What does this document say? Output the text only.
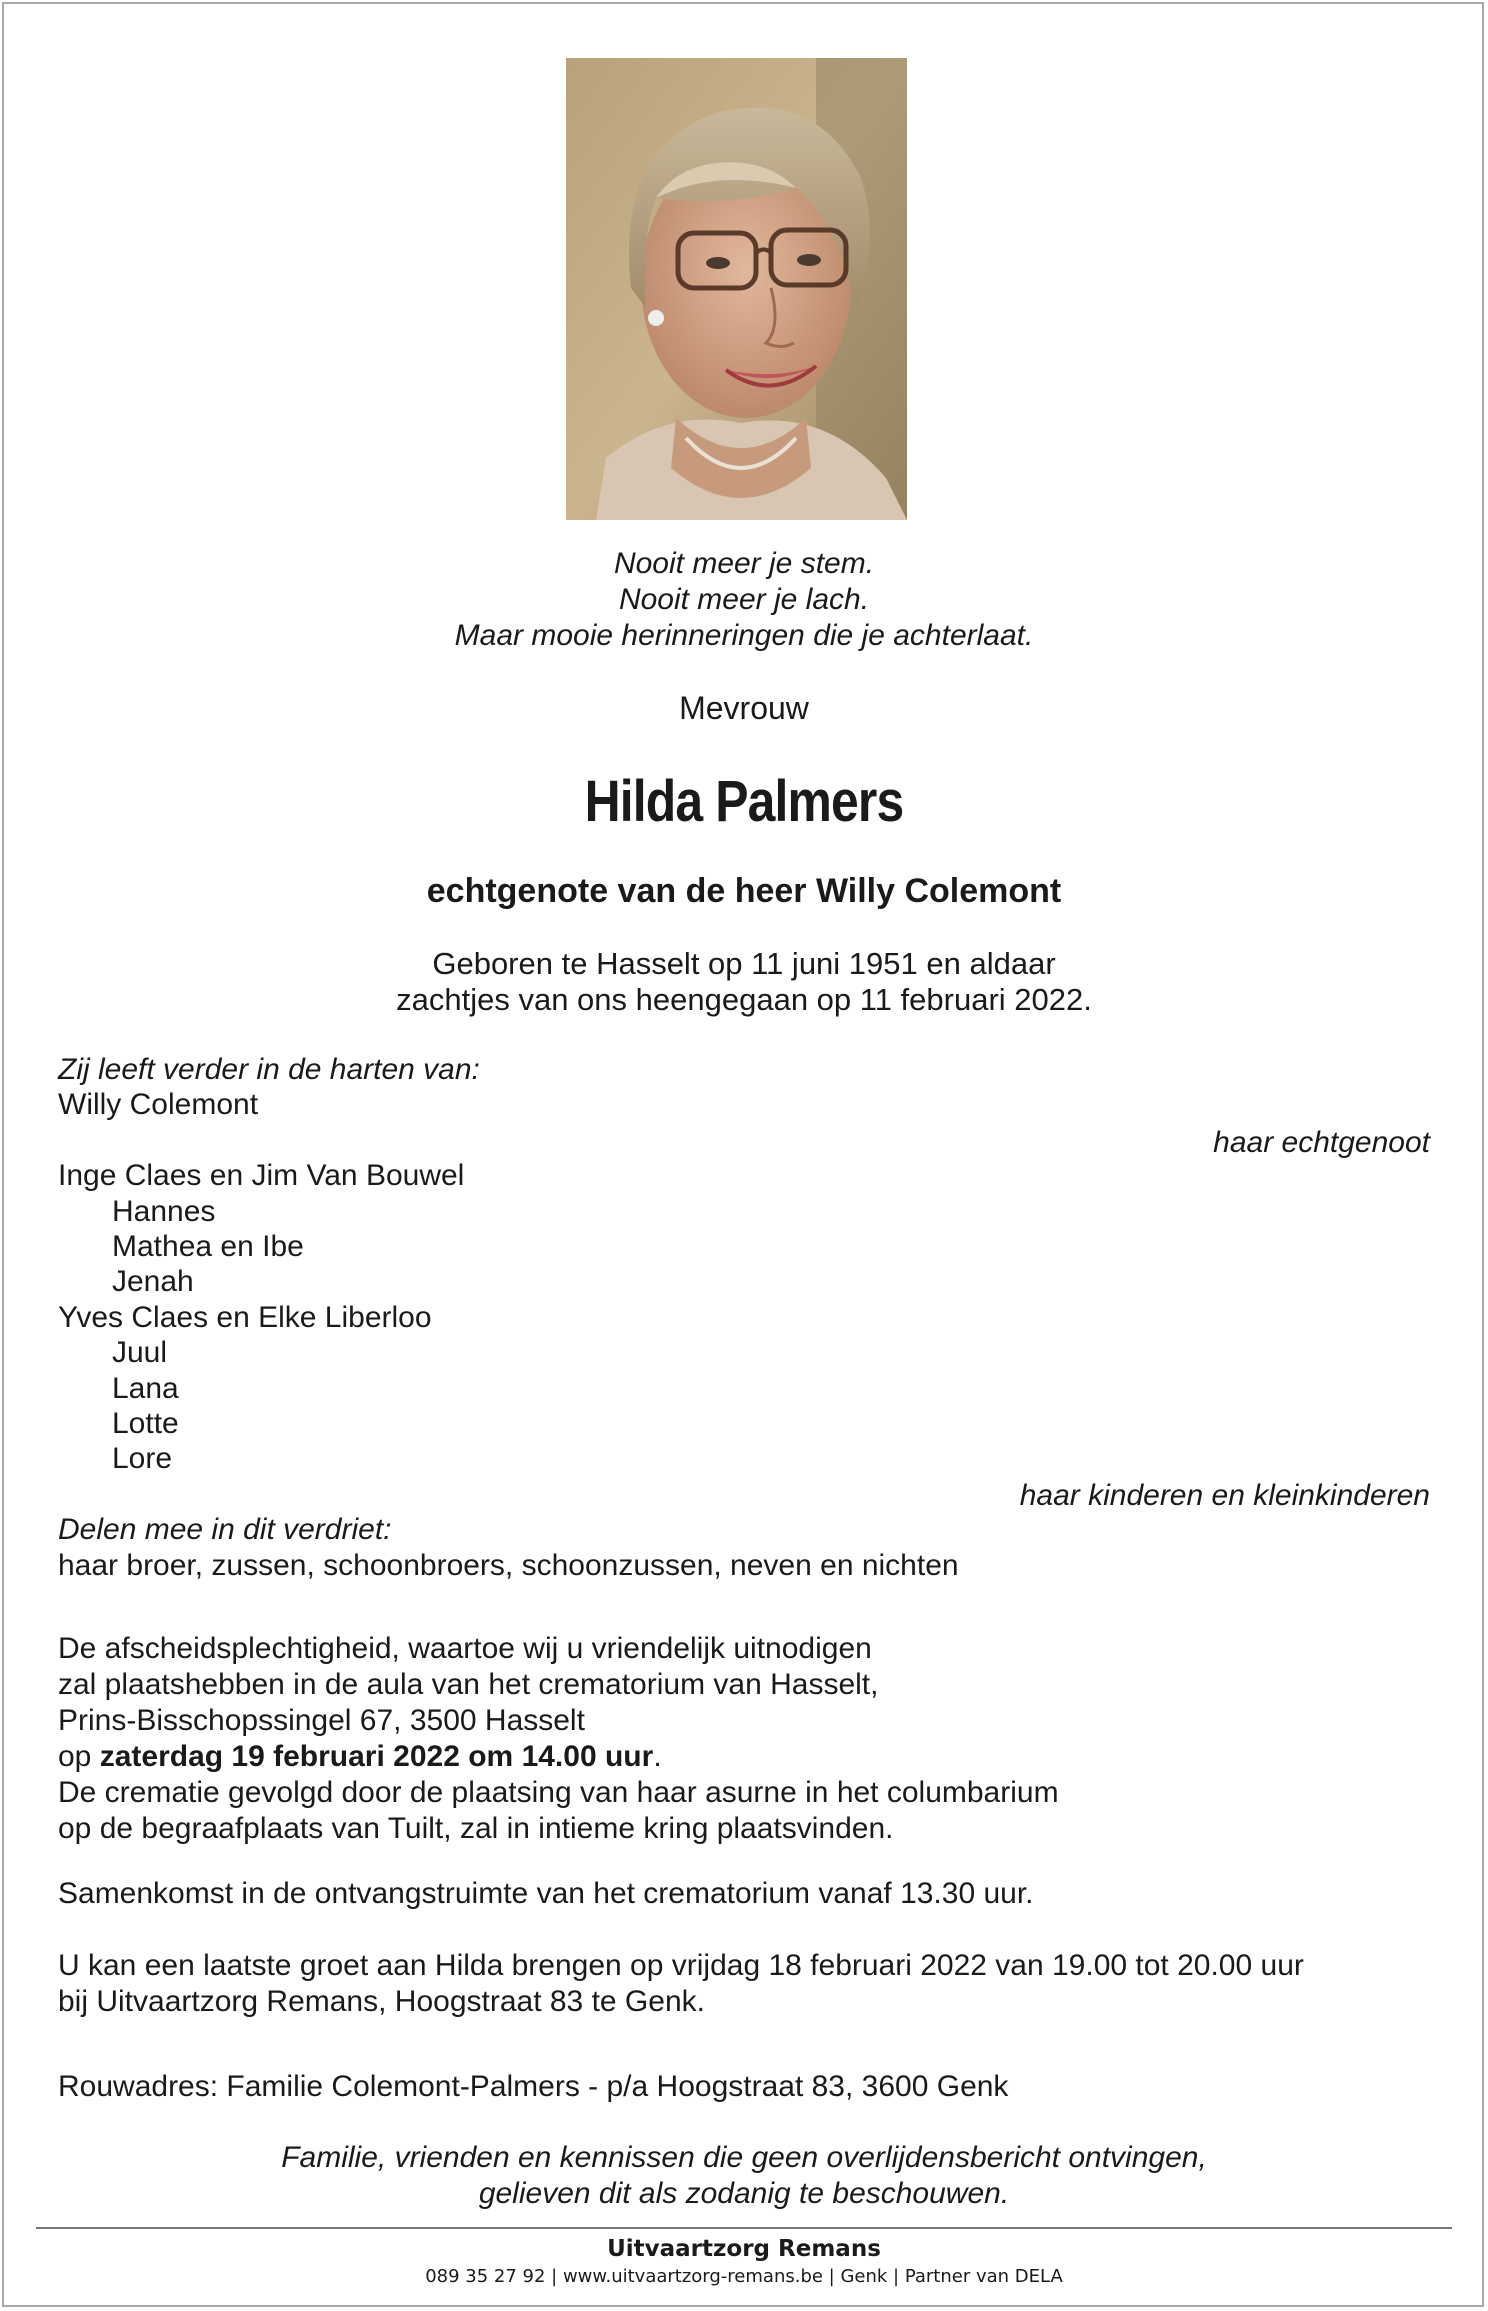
Nooit meer je stem.
Nooit meer je lach.
Maar mooie herinneringen die je achterlaat.
Mevrouw
Hilda Palmers
echtgenote van de heer Willy Colemont
Geboren te Hasselt op 11 juni 1951 en aldaar
zachtjes van ons heengegaan op 11 februari 2022.
Zij leeft verder in de harten van:
Willy Colemont
Inge Claes en Jim Van Bouwel
Hannes
Mathea en Ibe
Jenah
Yves Claes en Elke Liberloo
Juul
Lana
Lotte
Lore
Delen mee in dit verdriet:
haar broer, zussen, schoonbroers, schoonzussen, neven en nichten
haar echtgenoot
haar kinderen en kleinkinderen
De afscheidsplechtigheid, waartoe wij u vriendelijk uitnodigen
zal plaatshebben in de aula van het crematorium van Hasselt,
Prins-Bisschopssingel 67, 3500 Hasselt
op zaterdag 19 februari 2022 om 14.00 uur.
De crematie gevolgd door de plaatsing van haar asurne in het columbarium
op de begraafplaats van Tuilt, zal in intieme kring plaatsvinden.
Samenkomst in de ontvangstruimte van het crematorium vanaf 13.30 uur.
U kan een laatste groet aan Hilda brengen op vrijdag 18 februari 2022 van 19.00 tot 20.00 uur
bij Uitvaartzorg Remans, Hoogstraat 83 te Genk.
Rouwadres: Familie Colemont-Palmers - p/a Hoogstraat 83, 3600 Genk
Familie, vrienden en kennissen die geen overlijdensbericht ontvingen,
gelieven dit als zodanig te beschouwen.
Uitvaartzorg Remans
089 35 27 92 | www.uitvaartzorg-remans.be | Genk | Partner van DELA
